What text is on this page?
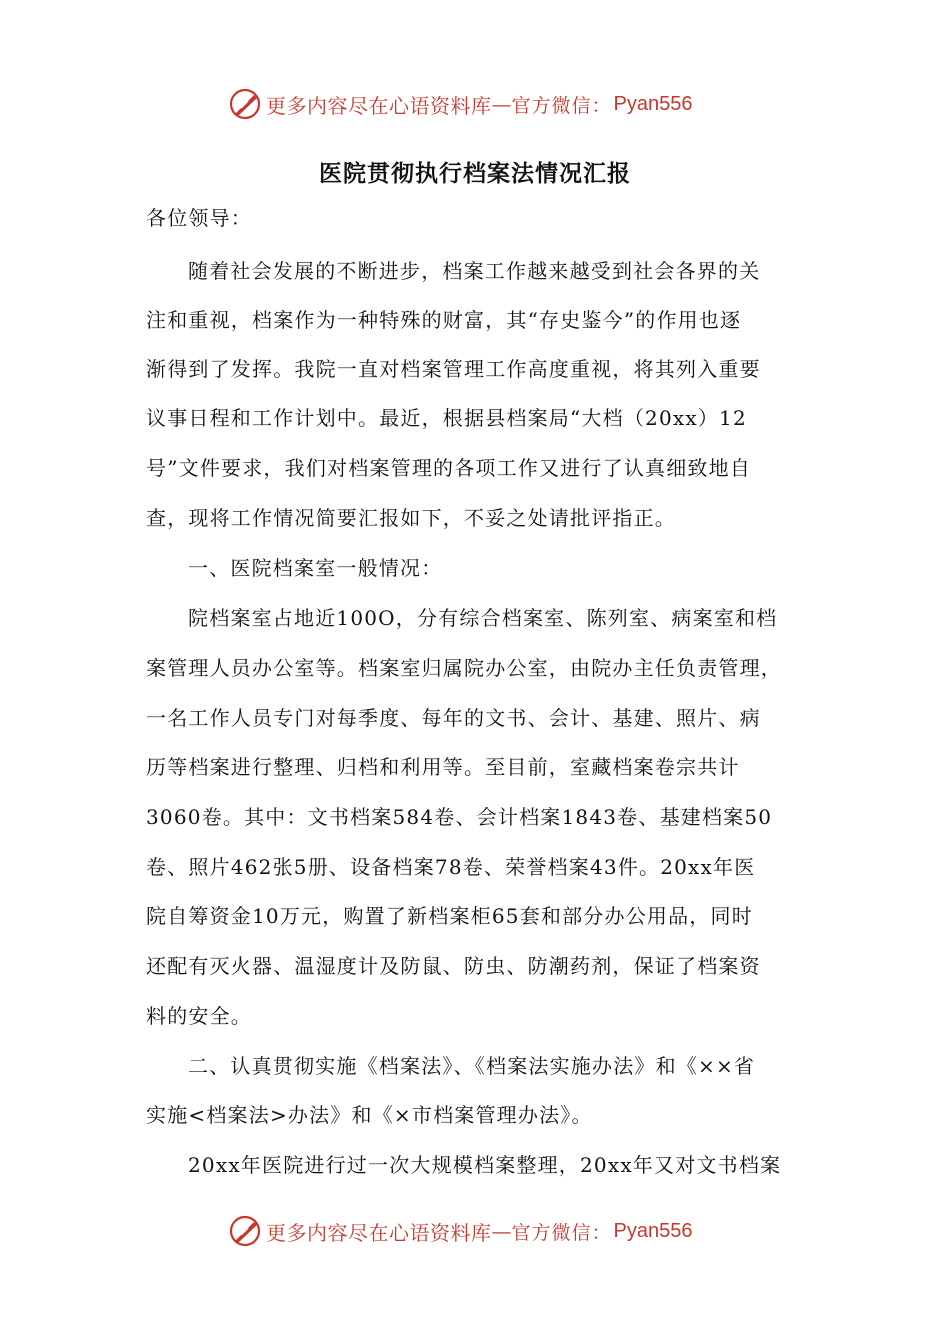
更多内容尽在心语资料库 — 官方微信： Pyan556
医院贯彻执行档案法情况汇报
各位领导：
随着社会发展的不断进步，档案工作越来越受到社会各界的关
注和重视，档案作为一种特殊的财富，其“存史鉴今”的作用也逐
渐得到了发挥。我院一直对档案管理工作高度重视，将其列入重要
议事日程和工作计划中。最近，根据县档案局“大档（20xx）12
号”文件要求，我们对档案管理的各项工作又进行了认真细致地自
查，现将工作情况简要汇报如下，不妥之处请批评指正。
一、医院档案室一般情况：
院档案室占地近100O，分有综合档案室、陈列室、病案室和档
案管理人员办公室等。档案室归属院办公室，由院办主任负责管理，
一名工作人员专门对每季度、每年的文书、会计、基建、照片、病
历等档案进行整理、归档和利用等。至目前，室藏档案卷宗共计
3060卷。其中：文书档案584卷、会计档案1843卷、基建档案50
卷、照片462张5册、设备档案78卷、荣誉档案43件。20xx年医
院自筹资金10万元，购置了新档案柜65套和部分办公用品，同时
还配有灭火器、温湿度计及防鼠、防虫、防潮药剂，保证了档案资
料的安全。
二、认真贯彻实施《档案法》、《档案法实施办法》和《××省
实施<档案法>办法》和《×市档案管理办法》。
20xx年医院进行过一次大规模档案整理，20xx年又对文书档案
更多内容尽在心语资料库 — 官方微信： Pyan556
